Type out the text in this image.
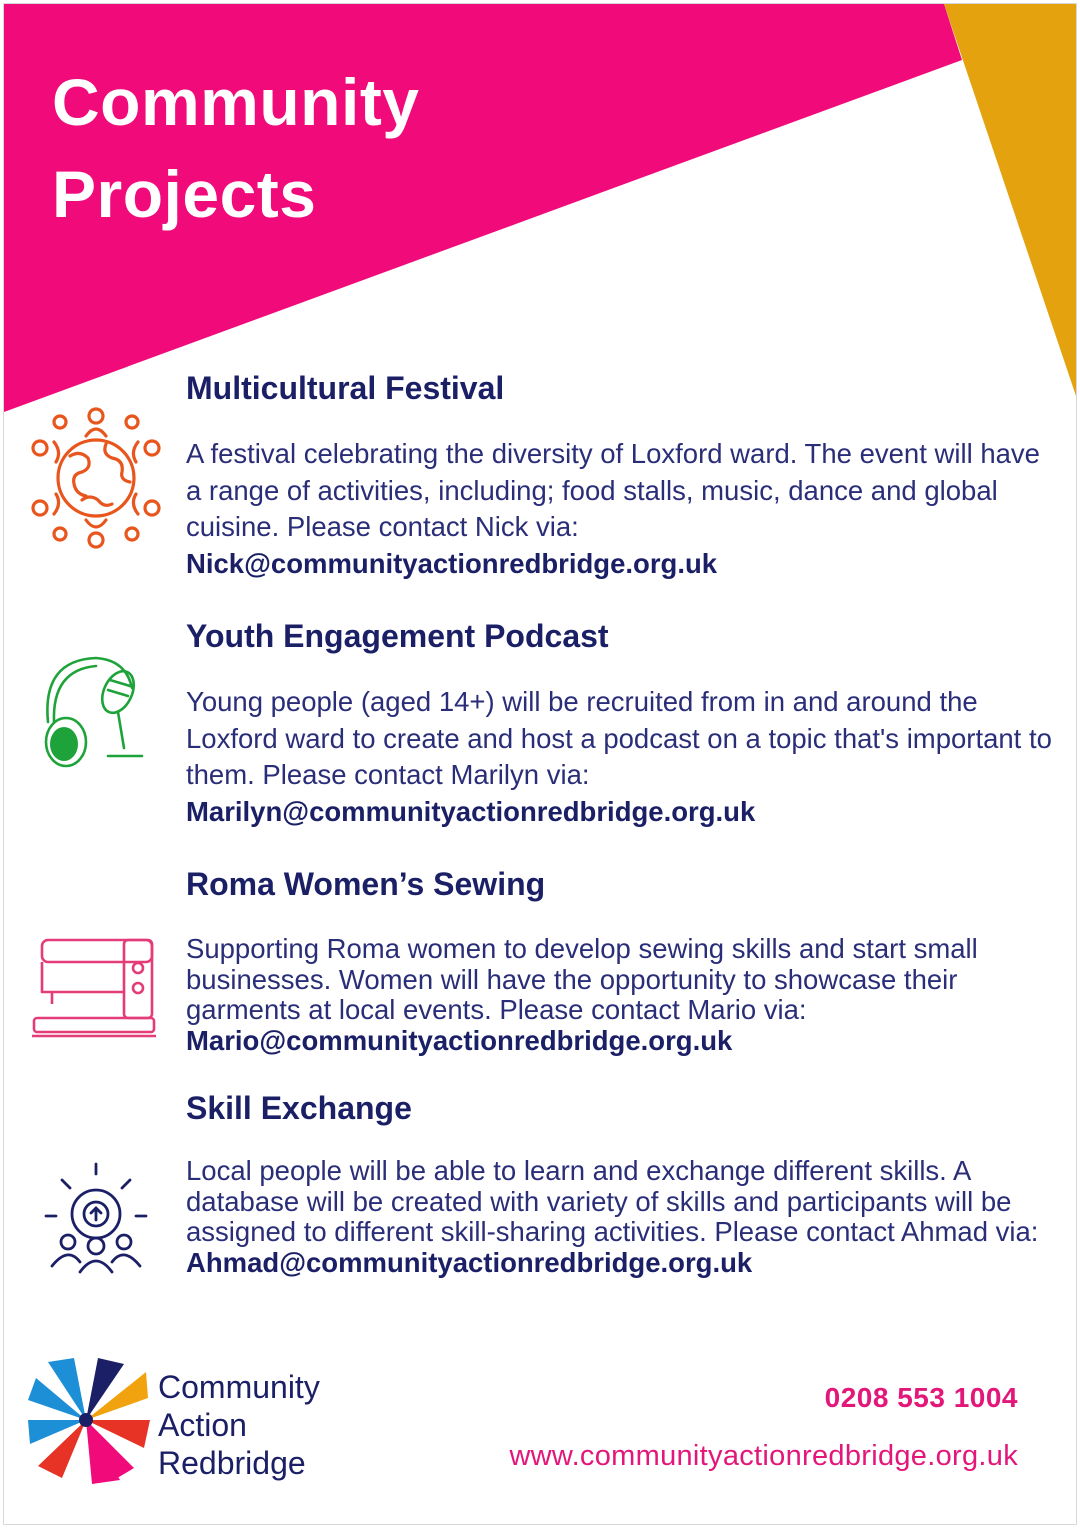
Community
Projects
Multicultural Festival

A festival celebrating the diversity of Loxford ward. The event will have a range of activities, including; food stalls, music, dance and global cuisine. Please contact Nick via:

Nick@communityactionredbridge.org.uk

Youth Engagement Podcast

Young people (aged 14+) will be recruited from in and around the Loxford ward to create and host a podcast on a topic that's important to them. Please contact Marilyn via:

Marilyn@communityactionredbridge.org.uk

Roma Women’s Sewing

Supporting Roma women to develop sewing skills and start small businesses. Women will have the opportunity to showcase their garments at local events. Please contact Mario via: Mario@communityactionredbridge.org.uk

Skill Exchange

Local people will be able to learn and exchange different skills. A database will be created with variety of skills and participants will be assigned to different skill-sharing activities. Please contact Ahmad via:

Ahmad@communityactionredbridge.org.uk

Community
Action
Redbridge
0208 553 1004
www.communityactionredbridge.org.uk
